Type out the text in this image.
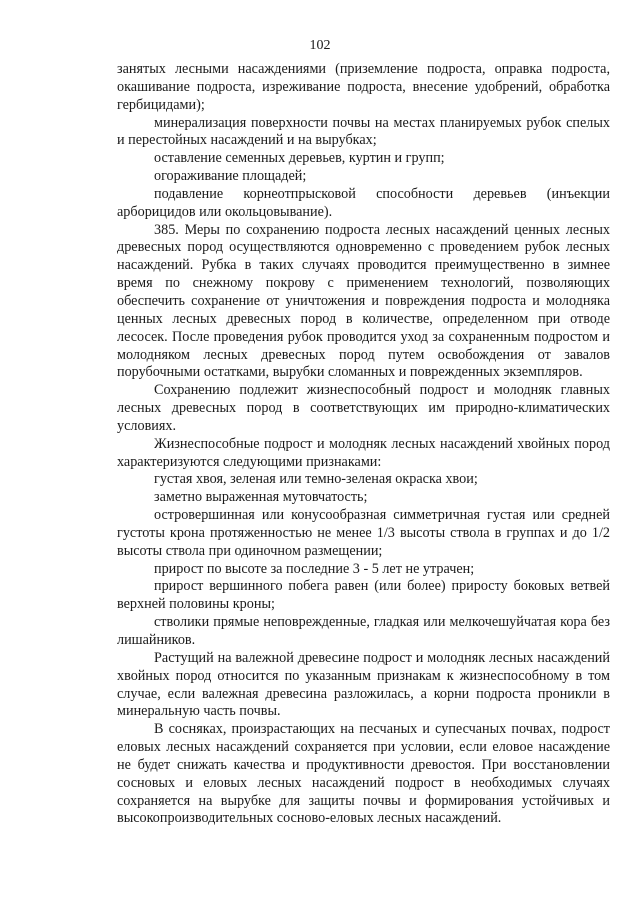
102

занятых лесными насаждениями (приземление подроста, оправка подроста, окашивание подроста, изреживание подроста, внесение удобрений, обработка гербицидами);

минерализация поверхности почвы на местах планируемых рубок спелых и перестойных насаждений и на вырубках;

оставление семенных деревьев, куртин и групп;

огораживание площадей;

подавление корнеотпрысковой способности деревьев (инъекции арборицидов или окольцовывание).

385. Меры по сохранению подроста лесных насаждений ценных лесных древесных пород осуществляются одновременно с проведением рубок лесных насаждений. Рубка в таких случаях проводится преимущественно в зимнее время по снежному покрову с применением технологий, позволяющих обеспечить сохранение от уничтожения и повреждения подроста и молодняка ценных лесных древесных пород в количестве, определенном при отводе лесосек. После проведения рубок проводится уход за сохраненным подростом и молодняком лесных древесных пород путем освобождения от завалов порубочными остатками, вырубки сломанных и поврежденных экземпляров.

Сохранению подлежит жизнеспособный подрост и молодняк главных лесных древесных пород в соответствующих им природно-климатических условиях.

Жизнеспособные подрост и молодняк лесных насаждений хвойных пород характеризуются следующими признаками:

густая хвоя, зеленая или темно-зеленая окраска хвои;

заметно выраженная мутовчатость;

островершинная или конусообразная симметричная густая или средней густоты крона протяженностью не менее 1/3 высоты ствола в группах и до 1/2 высоты ствола при одиночном размещении;

прирост по высоте за последние 3 - 5 лет не утрачен;

прирост вершинного побега равен (или более) приросту боковых ветвей верхней половины кроны;

стволики прямые неповрежденные, гладкая или мелкочешуйчатая кора без лишайников.

Растущий на валежной древесине подрост и молодняк лесных насаждений хвойных пород относится по указанным признакам к жизнеспособному в том случае, если валежная древесина разложилась, а корни подроста проникли в минеральную часть почвы.

В сосняках, произрастающих на песчаных и супесчаных почвах, подрост еловых лесных насаждений сохраняется при условии, если еловое насаждение не будет снижать качества и продуктивности древостоя. При восстановлении сосновых и еловых лесных насаждений подрост в необходимых случаях сохраняется на вырубке для защиты почвы и формирования устойчивых и высокопроизводительных сосново-еловых лесных насаждений.
